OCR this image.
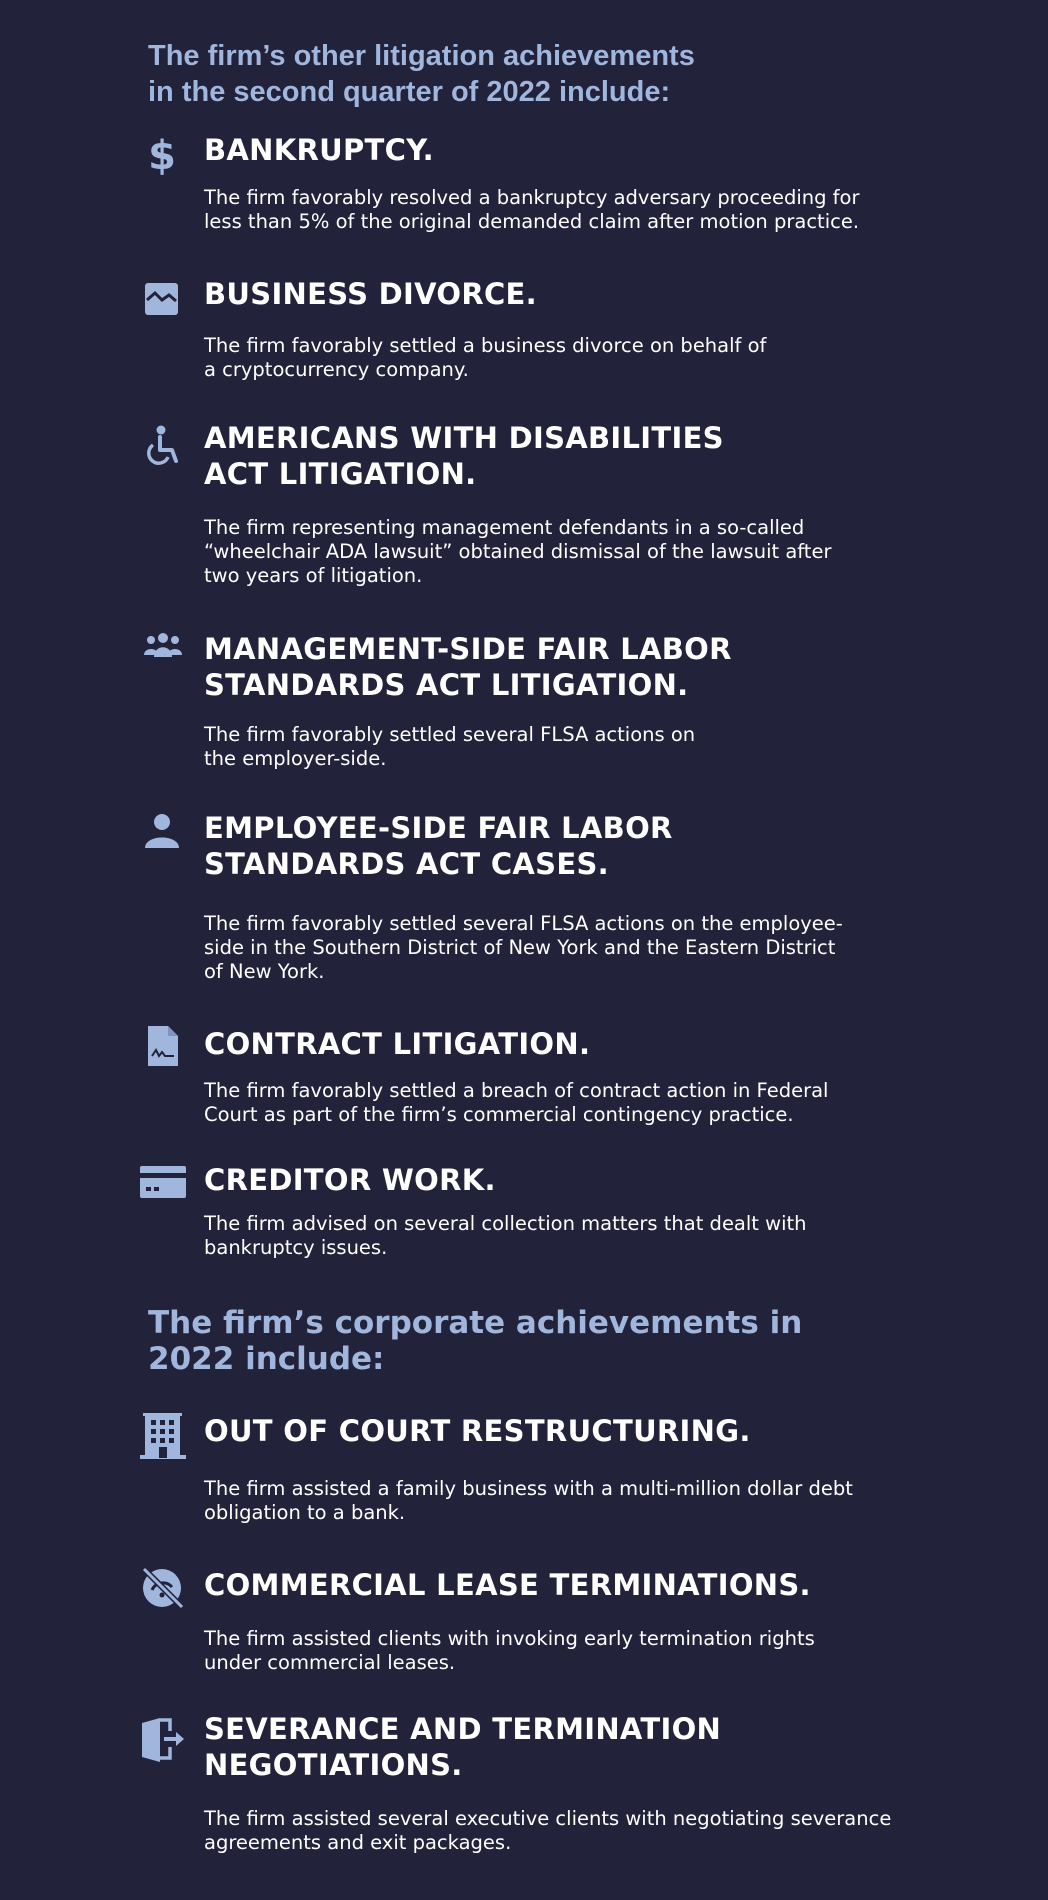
The firm’s other litigation achievements
in the second quarter of 2022 include:
$ BANKRUPTCY.

The firm favorably resolved a bankruptcy adversary proceeding for
less than 5% of the original demanded claim after motion practice.

BUSINESS DIVORCE.

The firm favorably settled a business divorce on behalf of
a cryptocurrency company.

AMERICANS WITH DISABILITIES
ACT LITIGATION.

The firm representing management defendants in a so-called
“wheelchair ADA lawsuit” obtained dismissal of the lawsuit after
two years of litigation.

MANAGEMENT-SIDE FAIR LABOR
STANDARDS ACT LITIGATION.

The firm favorably settled several FLSA actions on
the employer-side.

EMPLOYEE-SIDE FAIR LABOR
STANDARDS ACT CASES.

The firm favorably settled several FLSA actions on the employee-
side in the Southern District of New York and the Eastern District
of New York.

CONTRACT LITIGATION.

The firm favorably settled a breach of contract action in Federal
Court as part of the firm’s commercial contingency practice.

CREDITOR WORK.

The firm advised on several collection matters that dealt with
bankruptcy issues.

The firm’s corporate achievements in
2022 include:
OUT OF COURT RESTRUCTURING.

The firm assisted a family business with a multi-million dollar debt
obligation to a bank.

COMMERCIAL LEASE TERMINATIONS.

The firm assisted clients with invoking early termination rights
under commercial leases.

SEVERANCE AND TERMINATION
NEGOTIATIONS.

The firm assisted several executive clients with negotiating severance
agreements and exit packages.
